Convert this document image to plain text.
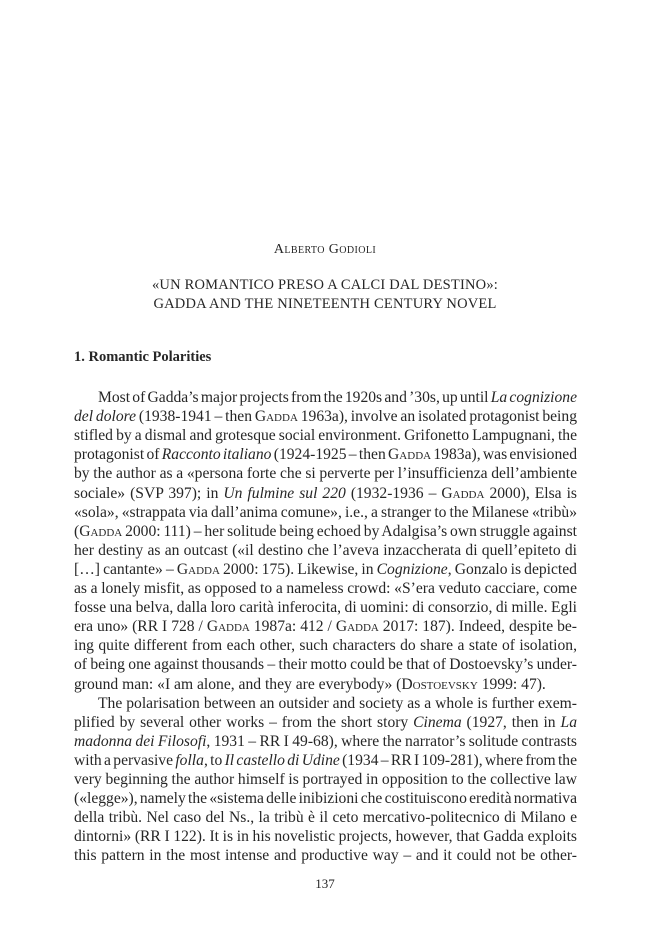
Alberto Godioli
«UN ROMANTICO PRESO A CALCI DAL DESTINO»:
GADDA AND THE NINETEENTH CENTURY NOVEL
1. Romantic Polarities
Most of Gadda’s major projects from the 1920s and ’30s, up until La cognizione
del dolore (1938-1941 – then Gadda 1963a), involve an isolated protagonist being
stifled by a dismal and grotesque social environment. Grifonetto Lampugnani, the
protagonist of Racconto italiano (1924-1925 – then Gadda 1983a), was envisioned
by the author as a «persona forte che si perverte per l’insufficienza dell’ambiente
sociale» (SVP 397); in Un fulmine sul 220 (1932-1936 – Gadda 2000), Elsa is
«sola», «strappata via dall’anima comune», i.e., a stranger to the Milanese «tribù»
(Gadda 2000: 111) – her solitude being echoed by Adalgisa’s own struggle against
her destiny as an outcast («il destino che l’aveva inzaccherata di quell’epiteto di
[…] cantante» – Gadda 2000: 175). Likewise, in Cognizione, Gonzalo is depicted
as a lonely misfit, as opposed to a nameless crowd: «S’era veduto cacciare, come
fosse una belva, dalla loro carità inferocita, di uomini: di consorzio, di mille. Egli
era uno» (RR I 728 / Gadda 1987a: 412 / Gadda 2017: 187). Indeed, despite be-
ing quite different from each other, such characters do share a state of isolation,
of being one against thousands – their motto could be that of Dostoevsky’s under-
ground man: «I am alone, and they are everybody» (Dostoevsky 1999: 47).
The polarisation between an outsider and society as a whole is further exem-
plified by several other works – from the short story Cinema (1927, then in La
madonna dei Filosofi, 1931 – RR I 49-68), where the narrator’s solitude contrasts
with a pervasive folla, to Il castello di Udine (1934 – RR I 109-281), where from the
very beginning the author himself is portrayed in opposition to the collective law
(«legge»), namely the «sistema delle inibizioni che costituiscono eredità normativa
della tribù. Nel caso del Ns., la tribù è il ceto mercativo-politecnico di Milano e
dintorni» (RR I 122). It is in his novelistic projects, however, that Gadda exploits
this pattern in the most intense and productive way – and it could not be other-
137
